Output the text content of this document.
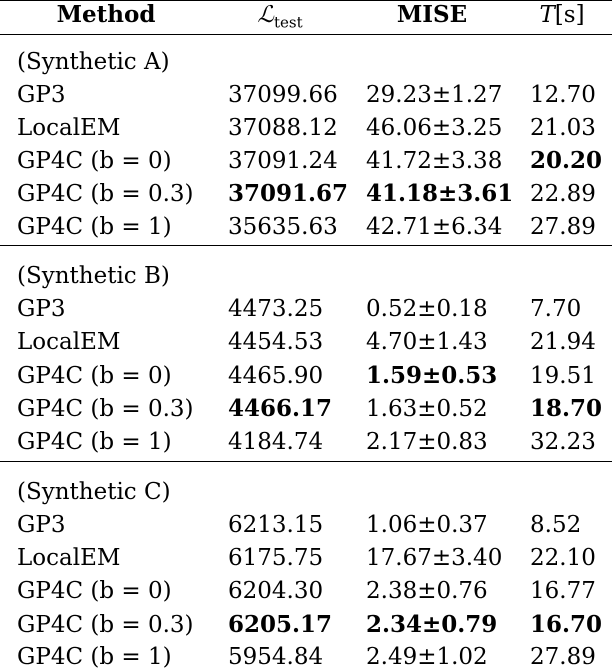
Method	ℒ$_{test}$	MISE	T[s]
(Synthetic A)
GP3	37099.66 29.23±1.27 12.70
LocalEM	37088.12 46.06±3.25 21.03
GP4C (b = 0) 37091.24 41.72±3.38 20.20
GP4C (b = 0.3) 37091.67 41.18±3.61 22.89
GP4C (b = 1) 35635.63 42.71±6.34 27.89
(Synthetic B)
GP3	4473.25 0.52±0.18 7.70
LocalEM	4454.53 4.70±1.43 21.94
GP4C (b = 0) 4465.90 1.59±0.53 19.51
GP4C (b = 0.3) 4466.17 1.63±0.52 18.70
GP4C (b = 1) 4184.74 2.17±0.83 32.23
(Synthetic C)
GP3	6213.15 1.06±0.37 8.52
LocalEM	6175.75 17.67±3.40 22.10
GP4C (b = 0) 6204.30 2.38±0.76 16.77
GP4C (b = 0.3) 6205.17 2.34±0.79 16.70
GP4C (b = 1) 5954.84 2.49±1.02 27.89
